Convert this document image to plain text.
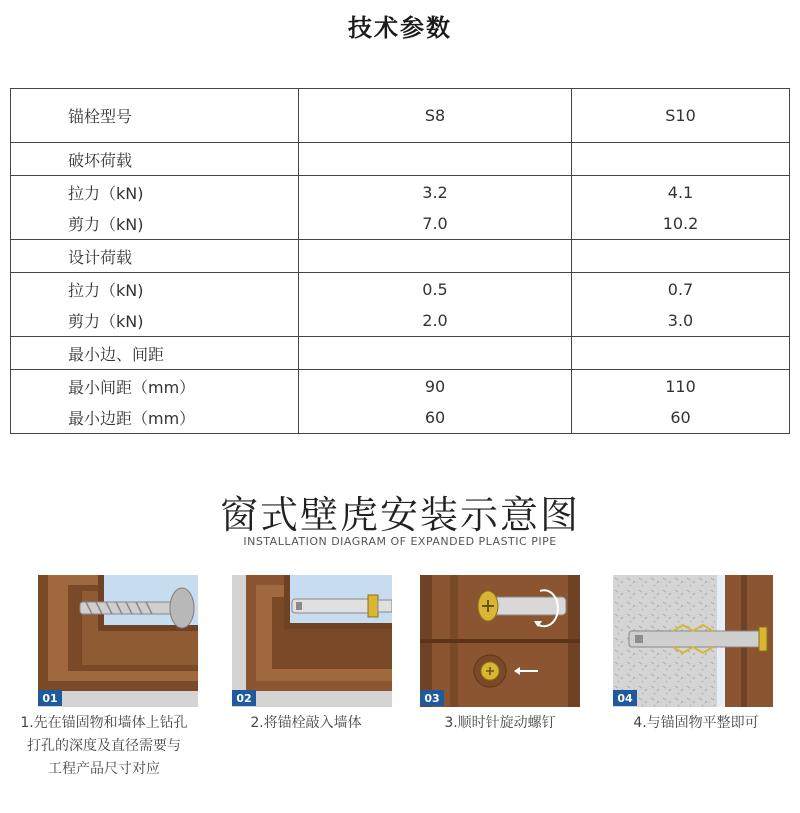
技术参数
锚栓型号	S8	S10
破坏荷载		
拉力（kN)	3.2	4.1
剪力（kN)	7.0	10.2
设计荷载		
拉力（kN)	0.5	0.7
剪力（kN)	2.0	3.0
最小边、间距		
最小间距（mm）	90	110
最小边距（mm）	60	60
窗式壁虎安装示意图
INSTALLATION DIAGRAM OF EXPANDED PLASTIC PIPE
01	02	03	04
1.先在锚固物和墙体上钻孔
打孔的深度及直径需要与
工程产品尺寸对应
2.将锚栓敲入墙体	3.顺时针旋动螺钉	4.与锚固物平整即可
